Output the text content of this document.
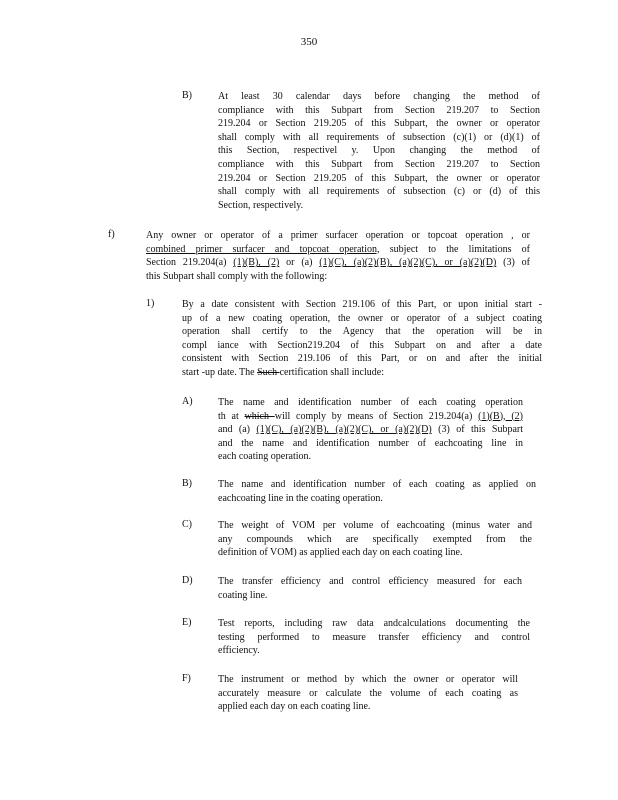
350
B)	At least 30 calendar days before changing the method of
compliance with this Subpart from Section 219.207 to Section
219.204 or Section 219.205 of this Subpart, the owner or operator
shall comply with all requirements of subsection (c)(1) or (d)(1) of
this Section, respectivel y. Upon changing the method of
compliance with this Subpart from Section 219.207 to Section
219.204 or Section 219.205 of this Subpart, the owner or operator
shall comply with all requirements of subsection (c) or (d) of this
Section, respectively.
f)	Any owner or operator of a primer surfacer operation or topcoat operation , or
combined primer surfacer and topcoat operation, subject to the limitations of
Section 219.204(a) (1)(B), (2) or (a) (1)(C), (a)(2)(B), (a)(2)(C), or (a)(2)(D) (3) of
this Subpart shall comply with the following:
1)	By a date consistent with Section 219.106 of this Part, or upon initial start -
up of a new coating operation, the owner or operator of a subject coating
operation shall certify to the Agency that the operation will be in
compl iance with Section219.204 of this Subpart on and after a date
consistent with Section 219.106 of this Part, or on and after the initial
start -up date. The Such certification shall include:
A)	The name and identification number of each coating operation
th at which will comply by means of Section 219.204(a) (1)(B), (2)
and (a) (1)(C), (a)(2)(B), (a)(2)(C), or (a)(2)(D) (3) of this Subpart
and the name and identification number of eachcoating line in
each coating operation.
B)	The name and identification number of each coating as applied on
eachcoating line in the coating operation.
C)	The weight of VOM per volume of eachcoating (minus water and
any compounds which are specifically exempted from the
definition of VOM) as applied each day on each coating line.
D)	The transfer efficiency and control efficiency measured for each
coating line.
E)	Test reports, including raw data andcalculations documenting the
testing performed to measure transfer efficiency and control
efficiency.
F)	The instrument or method by which the owner or operator will
accurately measure or calculate the volume of each coating as
applied each day on each coating line.
